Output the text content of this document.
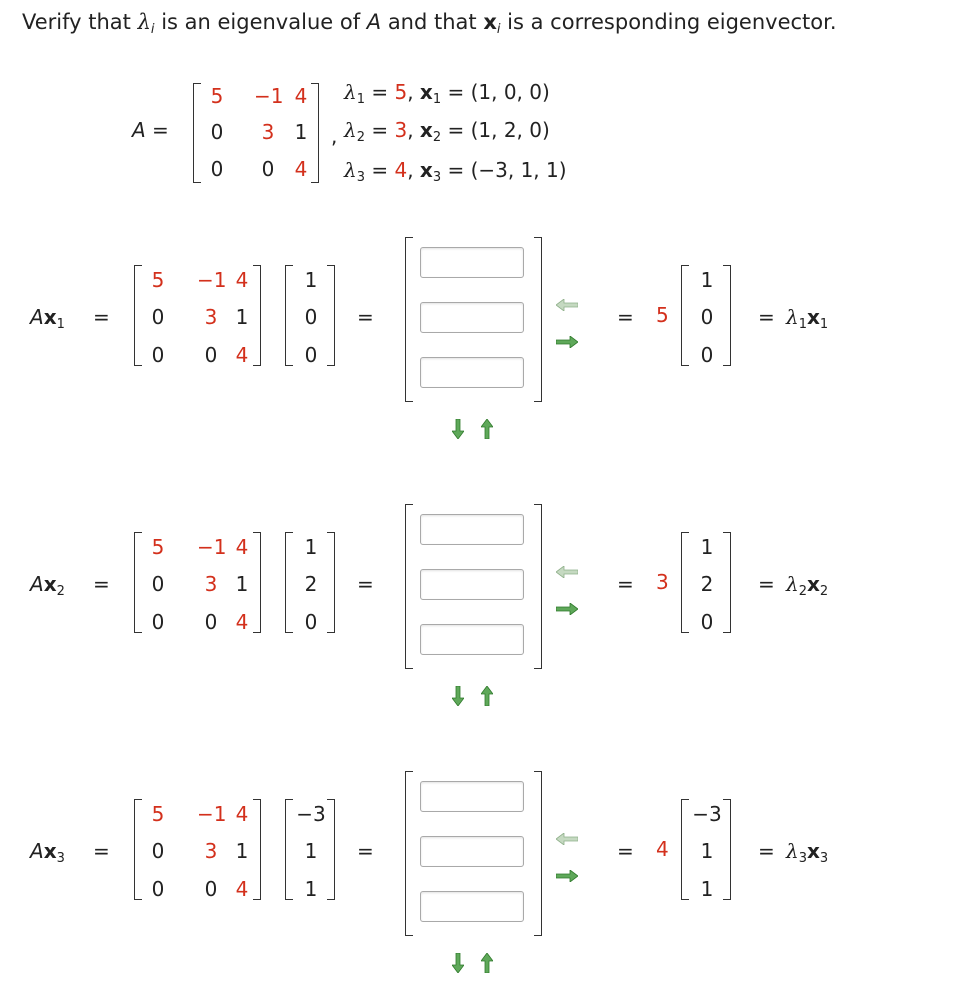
Verify that $\lambda_i$ is an eigenvalue of A and that $x_i$ is a corresponding eigenvector.
A =
5	−1 4
0	3	1
0	0	4
,
$\lambda_1 = 5$, $x_1 = (1$, 0, 0)
$\lambda_2 = 3$, $x_2 = (1$, 2, 0)
$\lambda_3 = 4$, $x_3 = (-3$, 1, 1)
$Ax_1$ =
5	−1 4
0	3 1
0	0 4
1
0
0
=	= 5
1
0
0
= $\lambda_1x_1$
$Ax_2$ =
5	−1 4
0	3 1
0	0 4
1
2
0
=	= 3
1
2
0
= $\lambda_2x_2$
$Ax_3$ =
5	−1 4
0	3 1
0	0 4
−3
1
1
=	= 4
−3
1
1
= $\lambda_3x_3$
